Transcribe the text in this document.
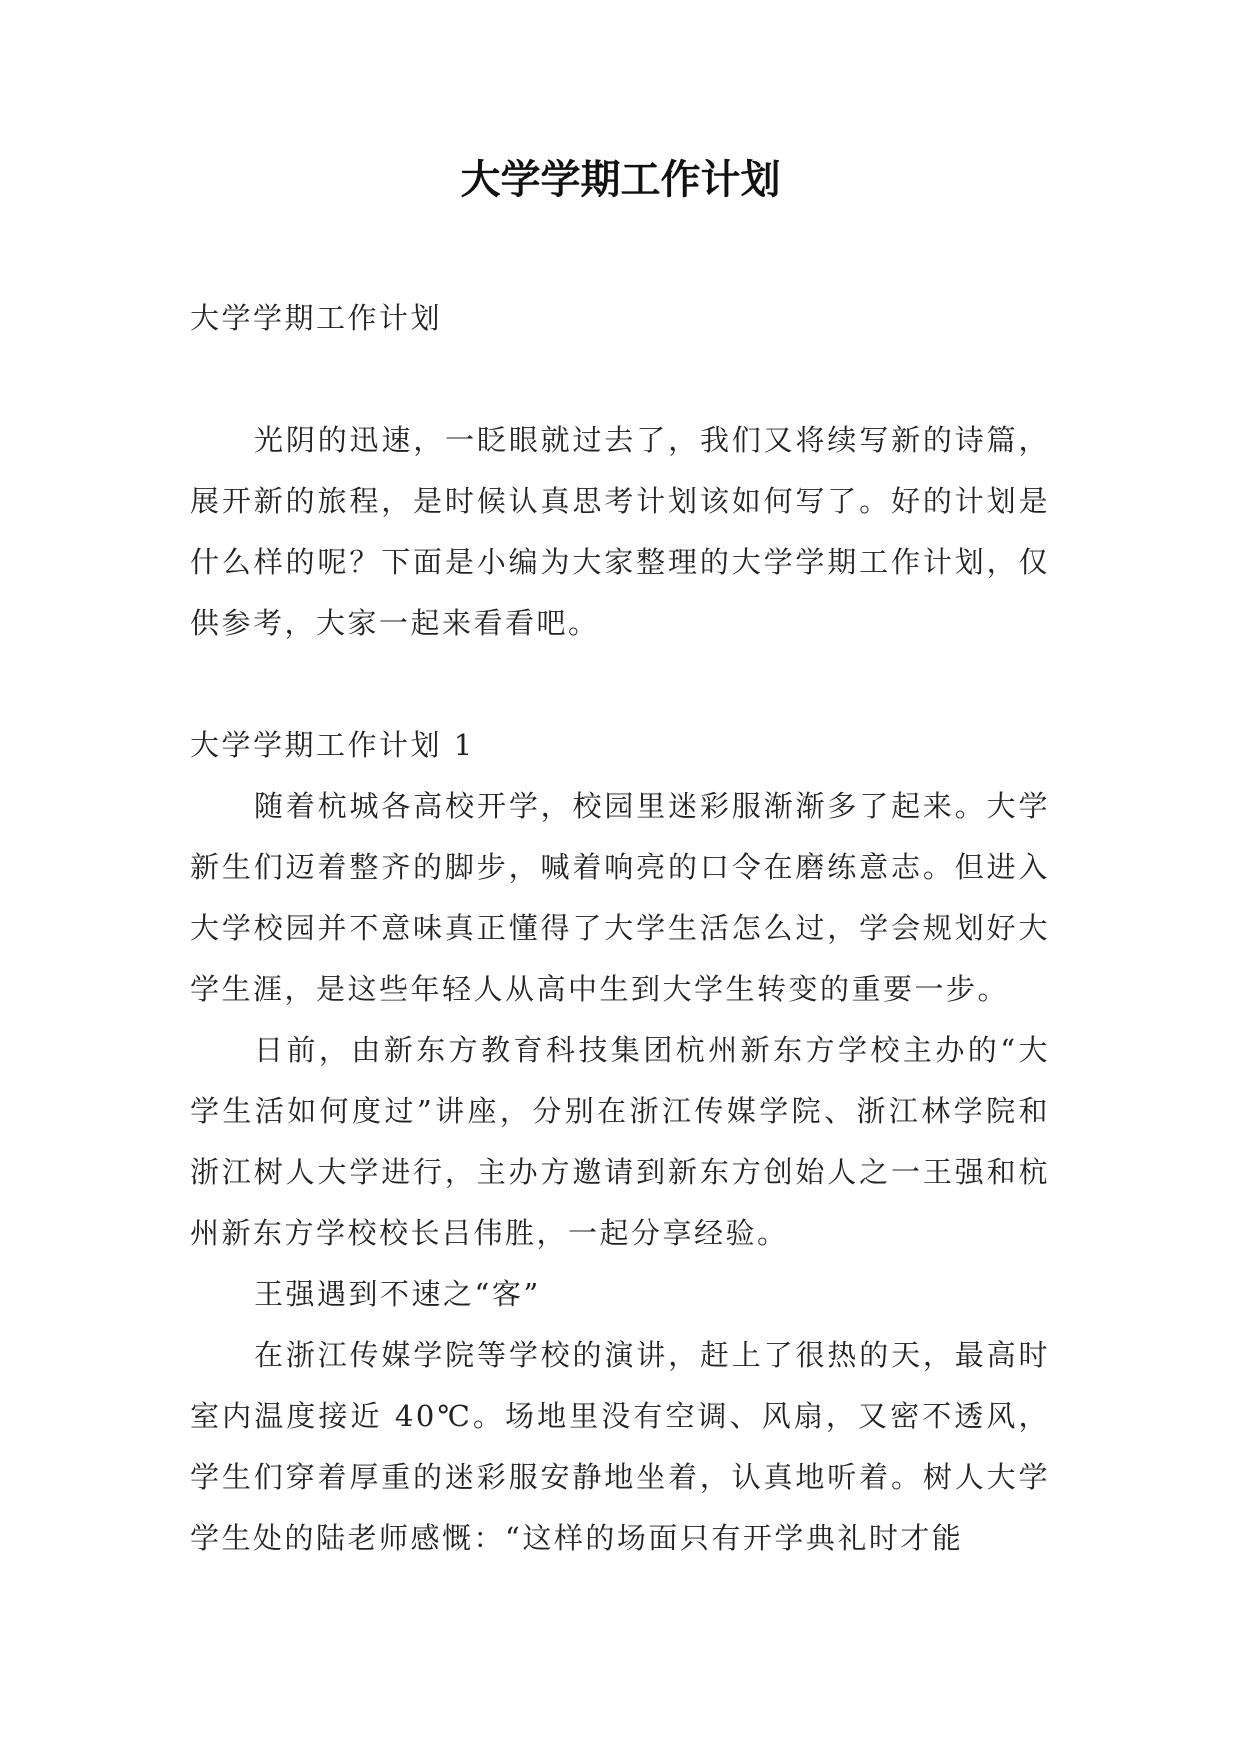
大学学期工作计划

大学学期工作计划

光阴的迅速，一眨眼就过去了，我们又将续写新的诗篇，展开新的旅程，是时候认真思考计划该如何写了。好的计划是什么样的呢？下面是小编为大家整理的大学学期工作计划，仅供参考，大家一起来看看吧。

大学学期工作计划 1

随着杭城各高校开学，校园里迷彩服渐渐多了起来。大学新生们迈着整齐的脚步，喊着响亮的口令在磨练意志。但进入大学校园并不意味真正懂得了大学生活怎么过，学会规划好大学生涯，是这些年轻人从高中生到大学生转变的重要一步。

日前，由新东方教育科技集团杭州新东方学校主办的“大学生活如何度过”讲座，分别在浙江传媒学院、浙江林学院和浙江树人大学进行，主办方邀请到新东方创始人之一王强和杭州新东方学校校长吕伟胜，一起分享经验。

王强遇到不速之“客”

在浙江传媒学院等学校的演讲，赶上了很热的天，最高时室内温度接近 40℃。场地里没有空调、风扇，又密不透风，学生们穿着厚重的迷彩服安静地坐着，认真地听着。树人大学学生处的陆老师感慨：“这样的场面只有开学典礼时才能
